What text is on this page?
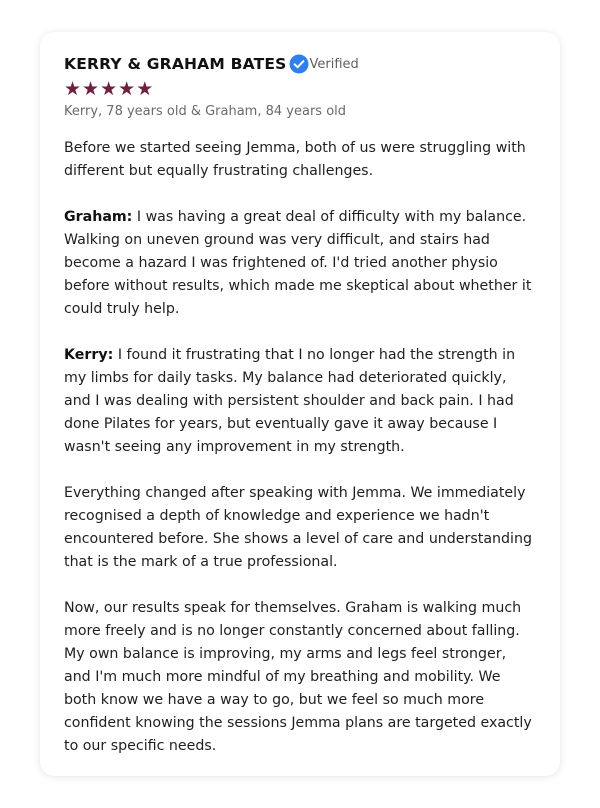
KERRY & GRAHAM BATES Verified
★ ★ ★ ★ ★
Kerry, 78 years old & Graham, 84 years old

Before we started seeing Jemma, both of us were struggling with different but equally frustrating challenges.

Graham: I was having a great deal of difficulty with my balance. Walking on uneven ground was very difficult, and stairs had become a hazard I was frightened of. I'd tried another physio before without results, which made me skeptical about whether it could truly help.

Kerry: I found it frustrating that I no longer had the strength in my limbs for daily tasks. My balance had deteriorated quickly, and I was dealing with persistent shoulder and back pain. I had done Pilates for years, but eventually gave it away because I wasn't seeing any improvement in my strength.

Everything changed after speaking with Jemma. We immediately recognised a depth of knowledge and experience we hadn't encountered before. She shows a level of care and understanding that is the mark of a true professional.

Now, our results speak for themselves. Graham is walking much more freely and is no longer constantly concerned about falling. My own balance is improving, my arms and legs feel stronger, and I'm much more mindful of my breathing and mobility. We both know we have a way to go, but we feel so much more confident knowing the sessions Jemma plans are targeted exactly to our specific needs.
